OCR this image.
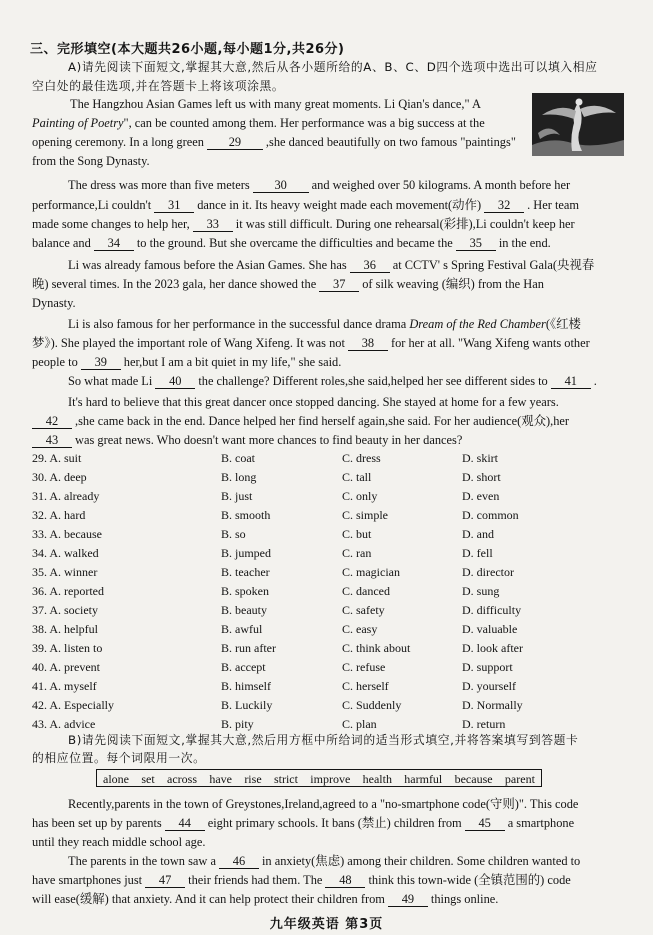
三、完形填空(本大题共26小题,每小题1分,共26分)
A)请先阅读下面短文,掌握其大意,然后从各小题所给的A、B、C、D四个选项中选出可以填入相应
空白处的最佳选项,并在答题卡上将该项涂黑。
The Hangzhou Asian Games left us with many great moments. Li Qian's dance," A
Painting of Poetry", can be counted among them. Her performance was a big success at the
opening ceremony. In a long green 29 ,she danced beautifully on two famous "paintings"
from the Song Dynasty.
The dress was more than five meters 30 and weighed over 50 kilograms. A month before her
performance,Li couldn't 31 dance in it. Its heavy weight made each movement(动作) 32 . Her team
made some changes to help her, 33 it was still difficult. During one rehearsal(彩排),Li couldn't keep her
balance and 34 to the ground. But she overcame the difficulties and became the 35 in the end.
Li was already famous before the Asian Games. She has 36 at CCTV' s Spring Festival Gala(央视春
晚) several times. In the 2023 gala, her dance showed the 37 of silk weaving (编织) from the Han
Dynasty.
Li is also famous for her performance in the successful dance drama Dream of the Red Chamber(《红楼
梦》). She played the important role of Wang Xifeng. It was not 38 for her at all. "Wang Xifeng wants other
people to 39 her,but I am a bit quiet in my life," she said.
So what made Li 40 the challenge? Different roles,she said,helped her see different sides to 41 .
It's hard to believe that this great dancer once stopped dancing. She stayed at home for a few years.
42 ,she came back in the end. Dance helped her find herself again,she said. For her audience(观众),her
43 was great news. Who doesn't want more chances to find beauty in her dances?
29. A. suit	B. coat	C. dress	D. skirt
30. A. deep	B. long	C. tall	D. short
31. A. already	B. just	C. only	D. even
32. A. hard	B. smooth	C. simple	D. common
33. A. because	B. so	C. but	D. and
34. A. walked	B. jumped	C. ran	D. fell
35. A. winner	B. teacher	C. magician	D. director
36. A. reported	B. spoken	C. danced	D. sung
37. A. society	B. beauty	C. safety	D. difficulty
38. A. helpful	B. awful	C. easy	D. valuable
39. A. listen to	B. run after	C. think about	D. look after
40. A. prevent	B. accept	C. refuse	D. support
41. A. myself	B. himself	C. herself	D. yourself
42. A. Especially	B. Luckily	C. Suddenly	D. Normally
43. A. advice	B. pity	C. plan	D. return
B)请先阅读下面短文,掌握其大意,然后用方框中所给词的适当形式填空,并将答案填写到答题卡
的相应位置。每个词限用一次。
alone set across have rise strict improve health harmful because parent
Recently,parents in the town of Greystones,Ireland,agreed to a "no-smartphone code(守则)". This code
has been set up by parents 44 eight primary schools. It bans (禁止) children from 45 a smartphone
until they reach middle school age.
The parents in the town saw a 46 in anxiety(焦虑) among their children. Some children wanted to
have smartphones just 47 their friends had them. The 48 think this town-wide (全镇范围的) code
will ease(缓解) that anxiety. And it can help protect their children from 49 things online.
九年级英语 第3页
